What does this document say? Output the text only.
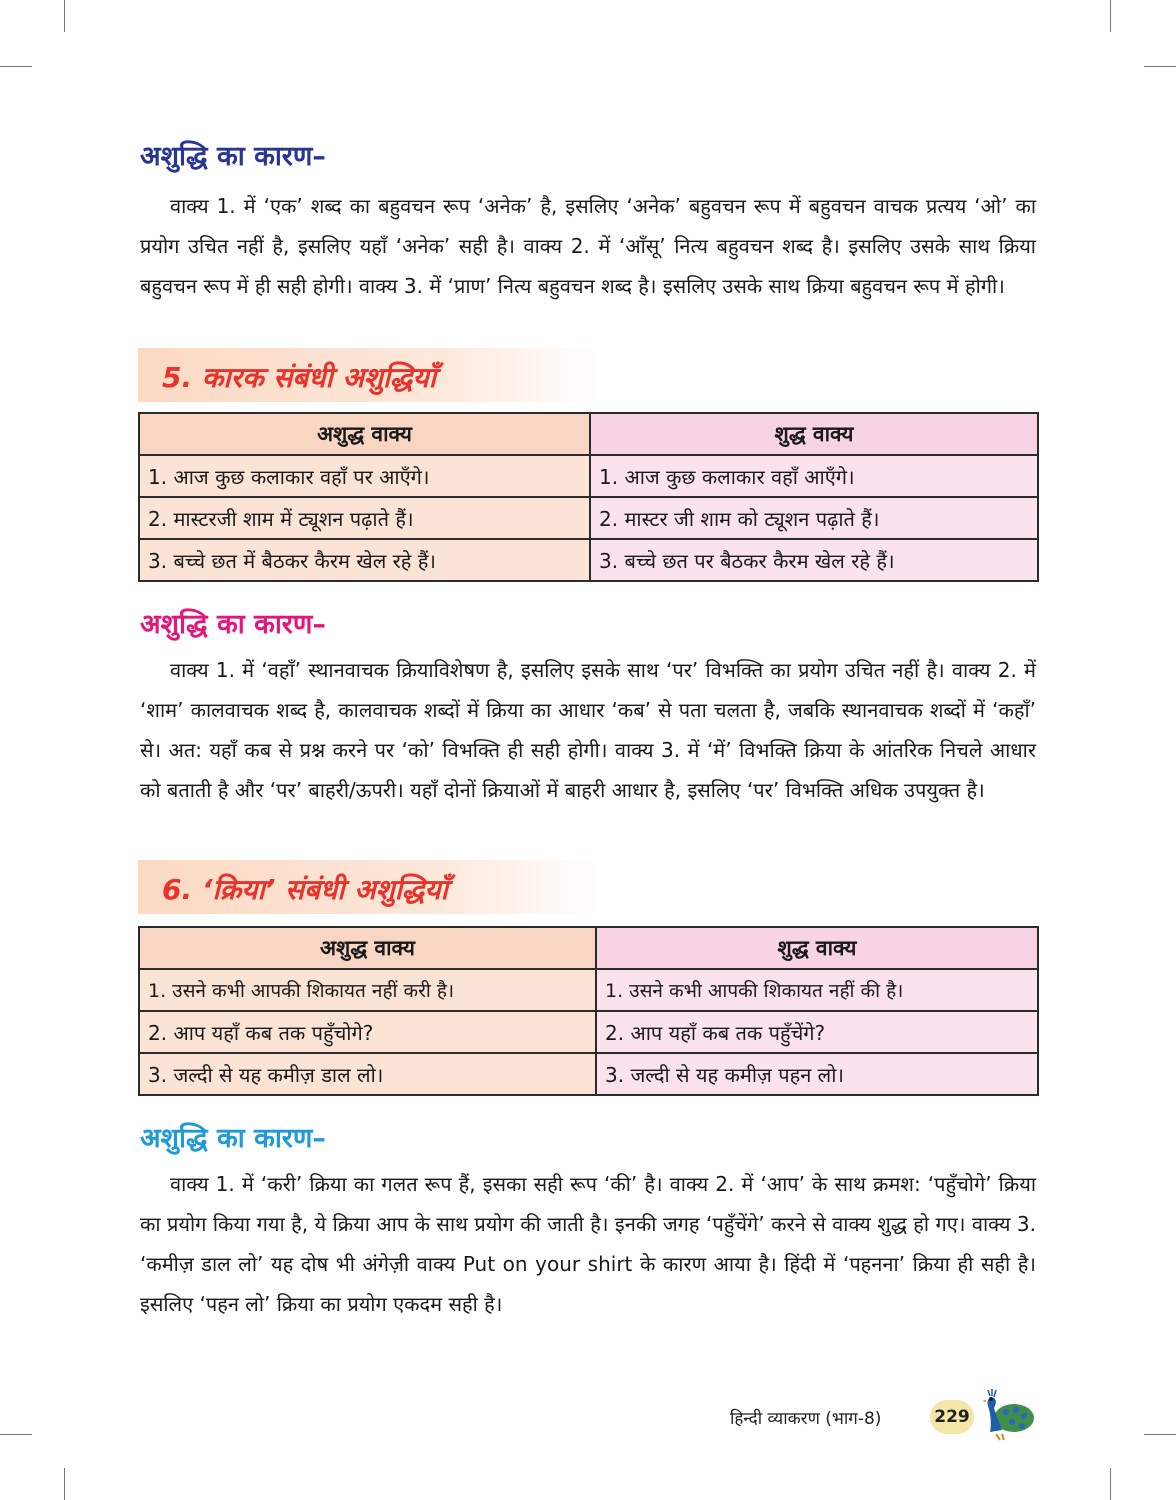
अशुद्धि का कारण–

वाक्य 1. में ‘एक’ शब्द का बहुवचन रूप ‘अनेक’ है, इसलिए ‘अनेक’ बहुवचन रूप में बहुवचन वाचक प्रत्यय ‘ओ’ का प्रयोग उचित नहीं है, इसलिए यहाँ ‘अनेक’ सही है। वाक्य 2. में ‘आँसू’ नित्य बहुवचन शब्द है। इसलिए उसके साथ क्रिया बहुवचन रूप में ही सही होगी। वाक्य 3. में ‘प्राण’ नित्य बहुवचन शब्द है। इसलिए उसके साथ क्रिया बहुवचन रूप में होगी।

5. कारक संबंधी अशुद्धियाँ

अशुद्ध वाक्य	शुद्ध वाक्य
1. आज कुछ कलाकार वहाँ पर आएँगे।	1. आज कुछ कलाकार वहाँ आएँगे।
2. मास्टरजी शाम में ट्यूशन पढ़ाते हैं।	2. मास्टर जी शाम को ट्यूशन पढ़ाते हैं।
3. बच्चे छत में बैठकर कैरम खेल रहे हैं।	3. बच्चे छत पर बैठकर कैरम खेल रहे हैं।
अशुद्धि का कारण–

वाक्य 1. में ‘वहाँ’ स्थानवाचक क्रियाविशेषण है, इसलिए इसके साथ ‘पर’ विभक्ति का प्रयोग उचित नहीं है। वाक्य 2. में ‘शाम’ कालवाचक शब्द है, कालवाचक शब्दों में क्रिया का आधार ‘कब’ से पता चलता है, जबकि स्थानवाचक शब्दों में ‘कहाँ’ से। अत: यहाँ कब से प्रश्न करने पर ‘को’ विभक्ति ही सही होगी। वाक्य 3. में ‘में’ विभक्ति क्रिया के आंतरिक निचले आधार को बताती है और ‘पर’ बाहरी/ऊपरी। यहाँ दोनों क्रियाओं में बाहरी आधार है, इसलिए ‘पर’ विभक्ति अधिक उपयुक्त है।

6. ‘क्रिया’ संबंधी अशुद्धियाँ

अशुद्ध वाक्य	शुद्ध वाक्य
1. उसने कभी आपकी शिकायत नहीं करी है।	1. उसने कभी आपकी शिकायत नहीं की है।
2. आप यहाँ कब तक पहुँचोगे?	2. आप यहाँ कब तक पहुँचेंगे?
3. जल्दी से यह कमीज़ डाल लो।	3. जल्दी से यह कमीज़ पहन लो।
अशुद्धि का कारण–

वाक्य 1. में ‘करी’ क्रिया का गलत रूप हैं, इसका सही रूप ‘की’ है। वाक्य 2. में ‘आप’ के साथ क्रमश: ‘पहुँचोगे’ क्रिया का प्रयोग किया गया है, ये क्रिया आप के साथ प्रयोग की जाती है। इनकी जगह ‘पहुँचेंगे’ करने से वाक्य शुद्ध हो गए। वाक्य 3. ‘कमीज़ डाल लो’ यह दोष भी अंगेज़ी वाक्य Put on your shirt के कारण आया है। हिंदी में ‘पहनना’ क्रिया ही सही है। इसलिए ‘पहन लो’ क्रिया का प्रयोग एकदम सही है।

हिन्दी व्याकरण (भाग-8)	229
